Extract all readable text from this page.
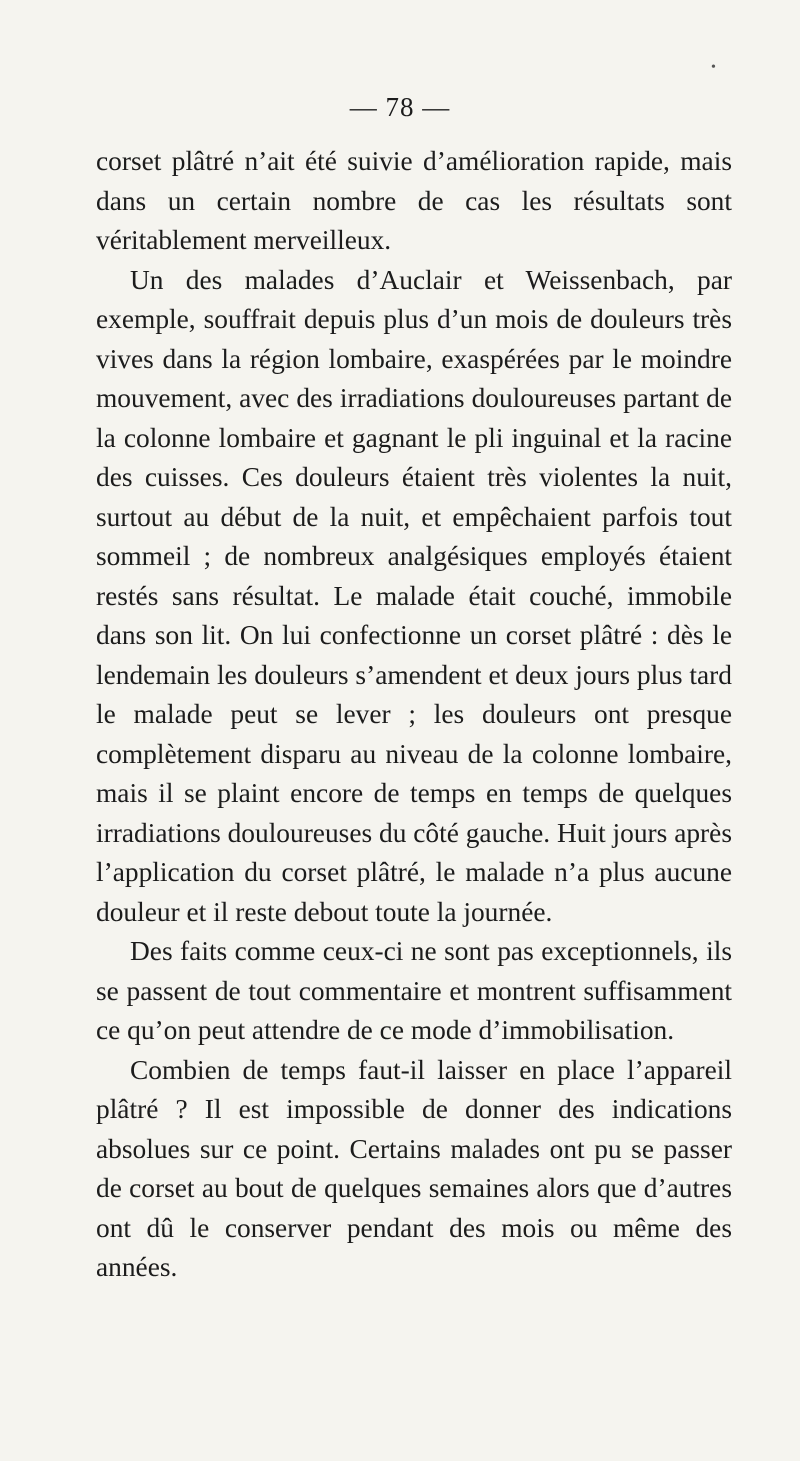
•
— 78 —

corset plâtré n’ait été suivie d’amélioration rapide, mais dans un certain nombre de cas les résultats sont véritablement merveilleux.

Un des malades d’Auclair et Weissenbach, par exemple, souffrait depuis plus d’un mois de douleurs très vives dans la région lombaire, exaspérées par le moindre mouvement, avec des irradiations douloureuses partant de la colonne lombaire et gagnant le pli inguinal et la racine des cuisses. Ces douleurs étaient très violentes la nuit, surtout au début de la nuit, et empêchaient parfois tout sommeil ; de nombreux analgésiques employés étaient restés sans résultat. Le malade était couché, immobile dans son lit. On lui confectionne un corset plâtré : dès le lendemain les douleurs s’amendent et deux jours plus tard le malade peut se lever ; les douleurs ont presque complètement disparu au niveau de la colonne lombaire, mais il se plaint encore de temps en temps de quelques irradiations douloureuses du côté gauche. Huit jours après l’application du corset plâtré, le malade n’a plus aucune douleur et il reste debout toute la journée.

Des faits comme ceux-ci ne sont pas exceptionnels, ils se passent de tout commentaire et montrent suffisamment ce qu’on peut attendre de ce mode d’immobilisation.

Combien de temps faut-il laisser en place l’appareil plâtré ? Il est impossible de donner des indications absolues sur ce point. Certains malades ont pu se passer de corset au bout de quelques semaines alors que d’autres ont dû le conserver pendant des mois ou même des années.
